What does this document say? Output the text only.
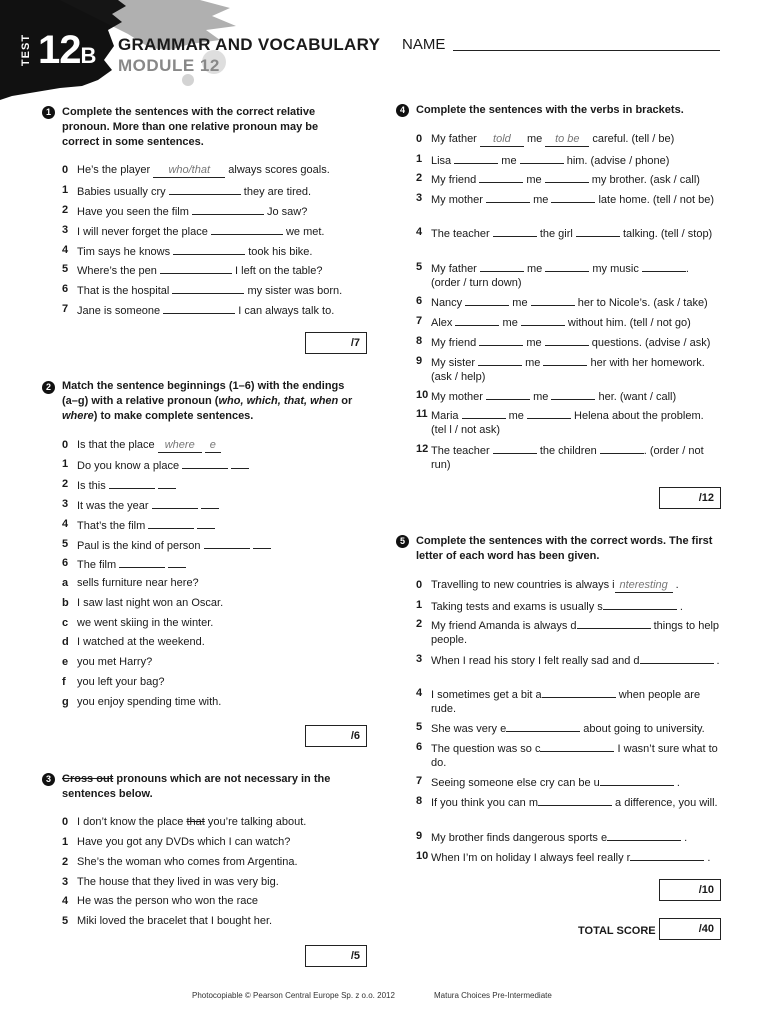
TEST 12B GRAMMAR AND VOCABULARY
MODULE 12
NAME
1	Complete the sentences with the correct relative pronoun. More than one relative pronoun may be correct in some sentences.
/7
2	Match the sentence beginnings (1–6) with the endings (a–g) with a relative pronoun (who, which, that, when or where) to make complete sentences.
/6
3	Cross out pronouns which are not necessary in the sentences below.
/5
4	Complete the sentences with the verbs in brackets.
/12
5	Complete the sentences with the correct words. The first letter of each word has been given.
/10
TOTAL SCORE	/40
Photocopiable © Pearson Central Europe Sp. z o.o. 2012	Matura Choices Pre-Intermediate
0 He’s the player who/that always scores goals.
1 Babies usually cry	they are tired.
2 Have you seen the film	Jo saw?
3 I will never forget the place	we met.
4 Tim says he knows	took his bike.
5 Where’s the pen	I left on the table?
6 That is the hospital	my sister was born.
7 Jane is someone	I can always talk to.
0 Is that the place where e
1 Do you know a place
2 Is this
3 It was the year
4 That’s the film
5 Paul is the kind of person
6 The film
a sells furniture near here?
b I saw last night won an Oscar.
c we went skiing in the winter.
d I watched at the weekend.
e you met Harry?
f you left your bag?
g you enjoy spending time with.
0 I don’t know the place that you’re talking about.
1 Have you got any DVDs which I can watch?
2 She’s the woman who comes from Argentina.
3 The house that they lived in was very big.
4 He was the person who won the race
5 Miki loved the bracelet that I bought her.
0 My father told me to be careful. (tell / be)
1 Lisa	me	him. (advise / phone)
2 My friend	me	my brother. (ask / call)
3 My mother	me	late home. (tell / not be)
4 The teacher	the girl	talking. (tell / stop)
5 My father	me	my music	. (order / turn down)
6 Nancy	me	her to Nicole’s. (ask / take)
7 Alex	me	without him. (tell / not go)
8 My friend	me	questions. (advise / ask)
9 My sister	me	her with her homework. (ask / help)
10 My mother	me	her. (want / call)
11 Maria	me	Helena about the problem. (tel l / not ask)
12 The teacher	the children	. (order / not run)
0 Travelling to new countries is always i nteresting .
1 Taking tests and exams is usually s	.
2 My friend Amanda is always d	things to help people.
3 When I read his story I felt really sad and d	.
4 I sometimes get a bit a	when people are rude.
5 She was very e	about going to university.
6 The question was so c	I wasn’t sure what to do.
7 Seeing someone else cry can be u	.
8 If you think you can m	a difference, you will.
9 My brother finds dangerous sports e	.
10 When I’m on holiday I always feel really r	.
